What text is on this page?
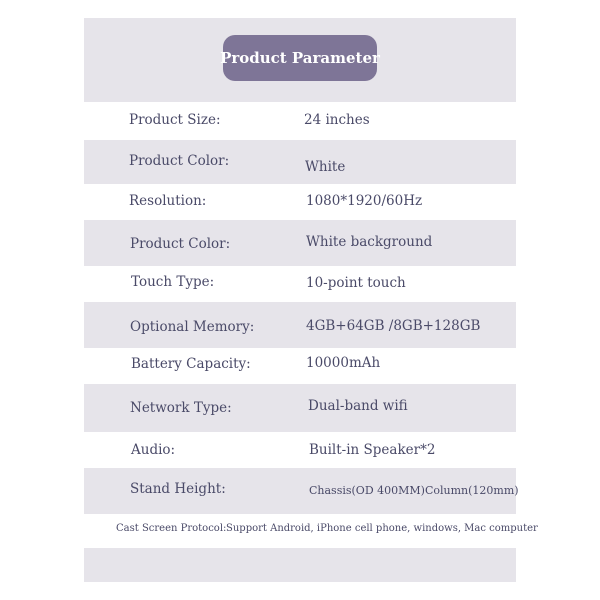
Product Parameter
Product Size:	24 inches
Product Color:	White
Resolution:	1080*1920/60Hz
Product Color:	White background
Touch Type:	10-point touch
Optional Memory:	4GB+64GB /8GB+128GB
Battery Capacity:	10000mAh
Network Type:	Dual-band wifi
Audio:	Built-in Speaker*2
Stand Height:	Chassis(OD 400MM)Column(120mm)
Cast Screen Protocol: Support Android, iPhone cell phone, windows, Mac computer
